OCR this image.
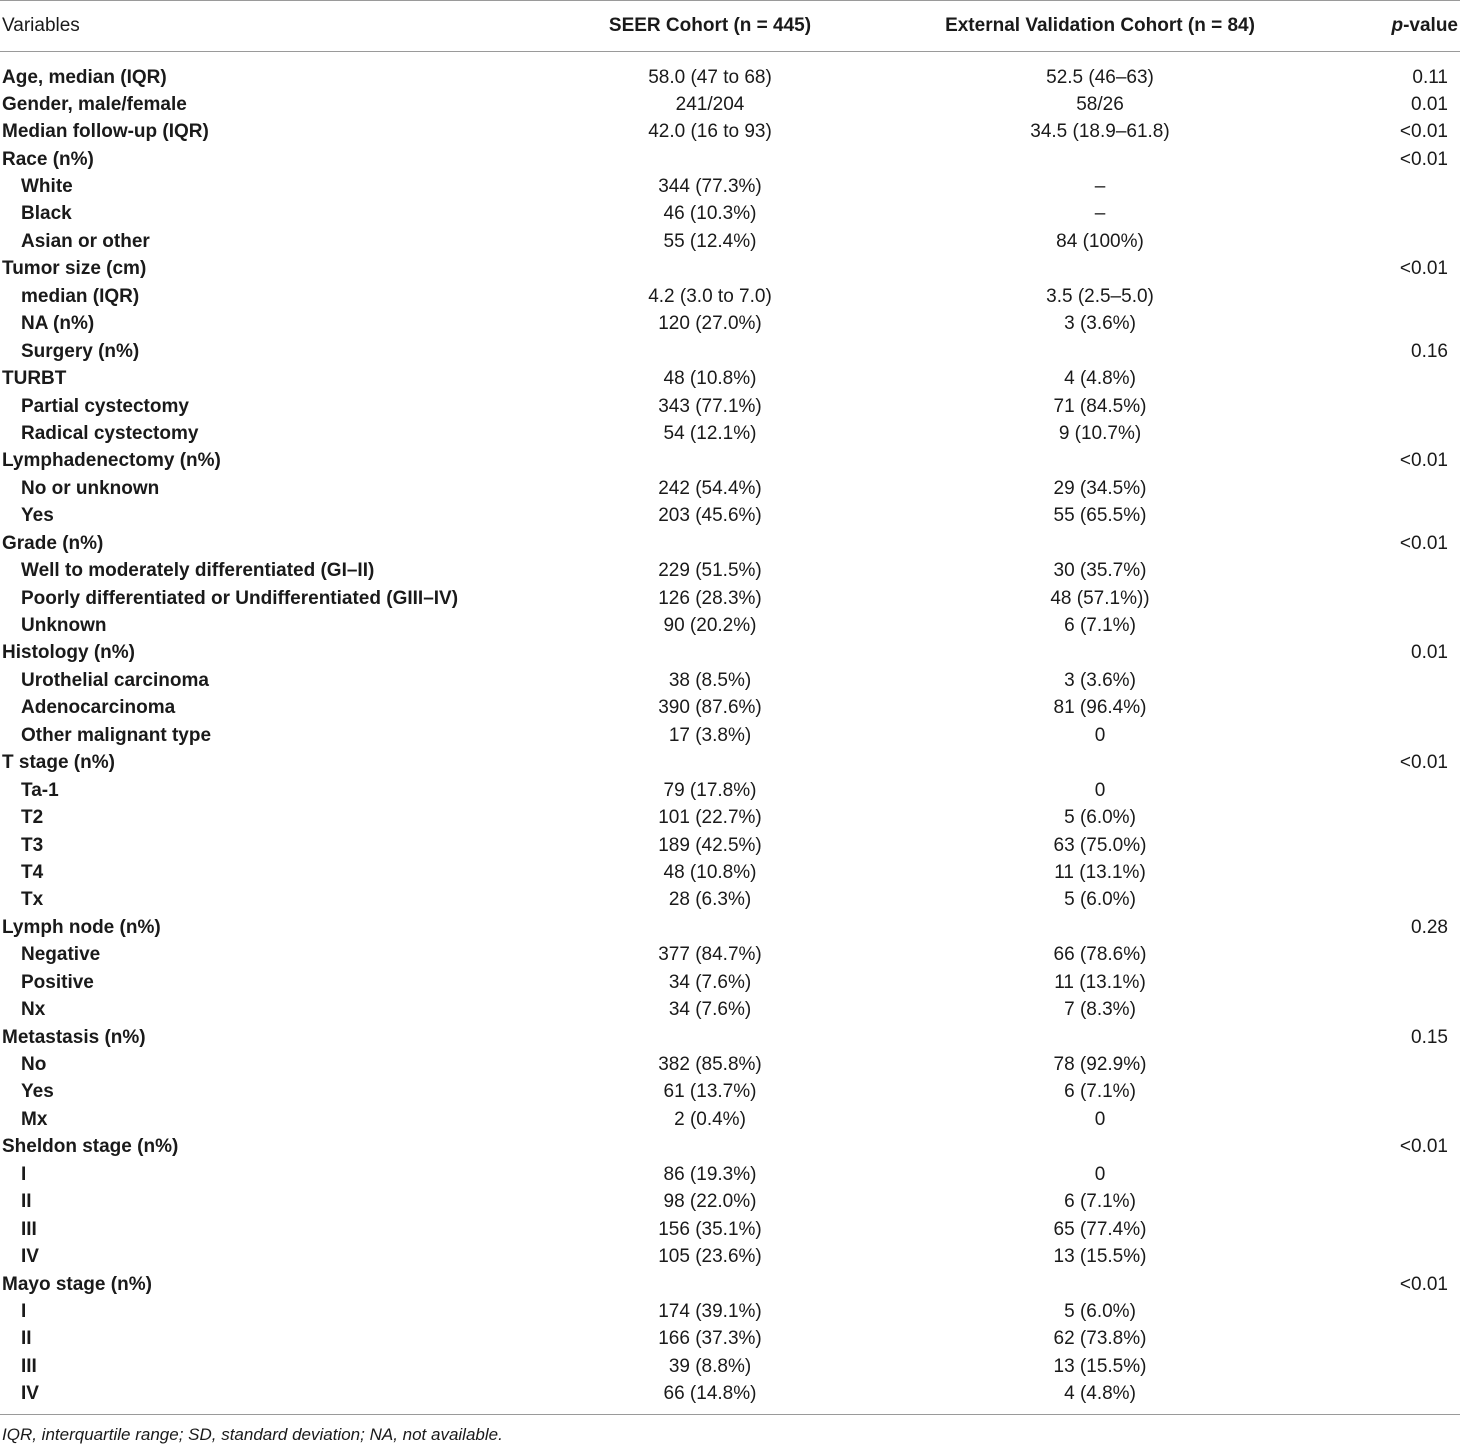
Variables	SEER Cohort (n = 445)	External Validation Cohort (n = 84)	p-value
Age, median (IQR)	58.0 (47 to 68)	52.5 (46–63)	0.11
Gender, male/female	241/204	58/26	0.01
Median follow-up (IQR)	42.0 (16 to 93)	34.5 (18.9–61.8)	<0.01
Race (n%)			<0.01
White	344 (77.3%)	–	
Black	46 (10.3%)	–	
Asian or other	55 (12.4%)	84 (100%)	
Tumor size (cm)			<0.01
median (IQR)	4.2 (3.0 to 7.0)	3.5 (2.5–5.0)	
NA (n%)	120 (27.0%)	3 (3.6%)	
Surgery (n%)			0.16
TURBT	48 (10.8%)	4 (4.8%)	
Partial cystectomy	343 (77.1%)	71 (84.5%)	
Radical cystectomy	54 (12.1%)	9 (10.7%)	
Lymphadenectomy (n%)			<0.01
No or unknown	242 (54.4%)	29 (34.5%)	
Yes	203 (45.6%)	55 (65.5%)	
Grade (n%)			<0.01
Well to moderately differentiated (GI–II)	229 (51.5%)	30 (35.7%)	
Poorly differentiated or Undifferentiated (GIII–IV)	126 (28.3%)	48 (57.1%))	
Unknown	90 (20.2%)	6 (7.1%)	
Histology (n%)			0.01
Urothelial carcinoma	38 (8.5%)	3 (3.6%)	
Adenocarcinoma	390 (87.6%)	81 (96.4%)	
Other malignant type	17 (3.8%)	0	
T stage (n%)			<0.01
Ta-1	79 (17.8%)	0	
T2	101 (22.7%)	5 (6.0%)	
T3	189 (42.5%)	63 (75.0%)	
T4	48 (10.8%)	11 (13.1%)	
Tx	28 (6.3%)	5 (6.0%)	
Lymph node (n%)			0.28
Negative	377 (84.7%)	66 (78.6%)	
Positive	34 (7.6%)	11 (13.1%)	
Nx	34 (7.6%)	7 (8.3%)	
Metastasis (n%)			0.15
No	382 (85.8%)	78 (92.9%)	
Yes	61 (13.7%)	6 (7.1%)	
Mx	2 (0.4%)	0	
Sheldon stage (n%)			<0.01
I	86 (19.3%)	0	
II	98 (22.0%)	6 (7.1%)	
III	156 (35.1%)	65 (77.4%)	
IV	105 (23.6%)	13 (15.5%)	
Mayo stage (n%)			<0.01
I	174 (39.1%)	5 (6.0%)	
II	166 (37.3%)	62 (73.8%)	
III	39 (8.8%)	13 (15.5%)	
IV	66 (14.8%)	4 (4.8%)	
IQR, interquartile range; SD, standard deviation; NA, not available.			
